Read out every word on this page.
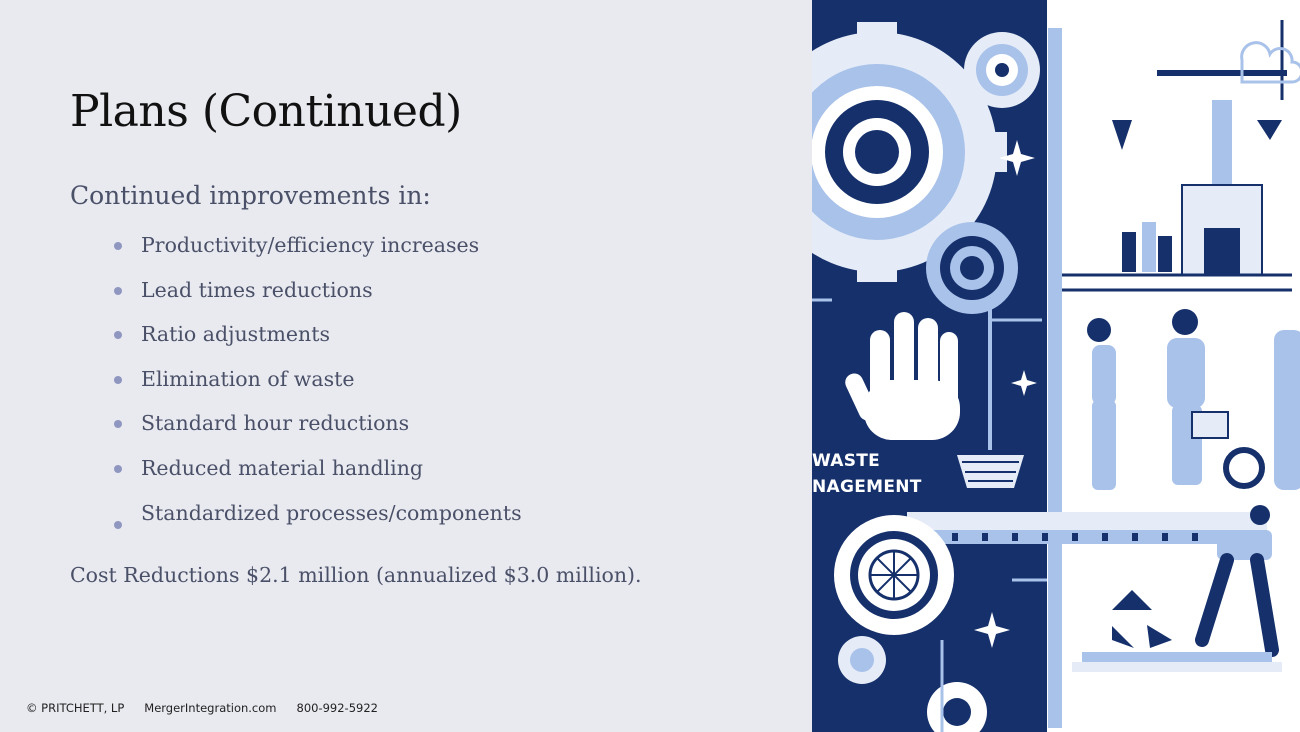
Plans (Continued)
Continued improvements in:
Productivity/efficiency increases
Lead times reductions
Ratio adjustments
Elimination of waste
Standard hour reductions
Reduced material handling
Standardized processes/components
Cost Reductions $2.1 million (annualized $3.0 million).
© PRITCHETT, LP MergerIntegration.com 800-992-5922
WASTE
NAGEMENT
